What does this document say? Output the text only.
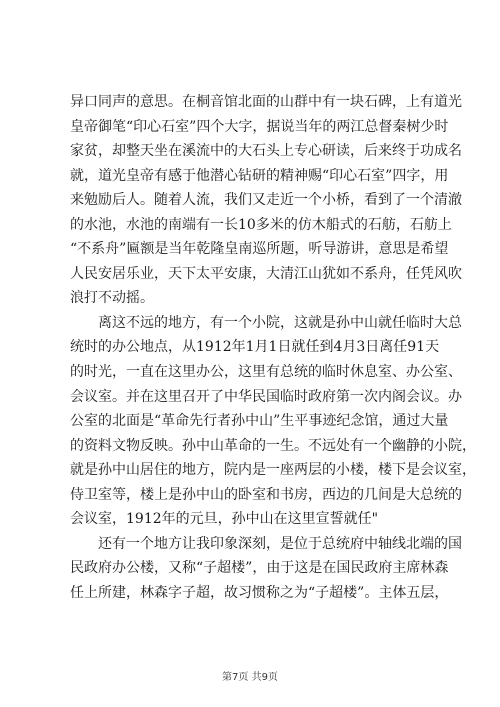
异口同声的意思。在桐音馆北面的山群中有一块石碑，上有道光
皇帝御笔“印心石室”四个大字，据说当年的两江总督秦树少时
家贫，却整天坐在溪流中的大石头上专心研读，后来终于功成名
就，道光皇帝有感于他潜心钻研的精神赐“印心石室”四字，用
来勉励后人。随着人流，我们又走近一个小桥，看到了一个清澈
的水池，水池的南端有一长10多米的仿木船式的石舫，石舫上
“不系舟”匾额是当年乾隆皇南巡所题，听导游讲，意思是希望
人民安居乐业，天下太平安康，大清江山犹如不系舟，任凭风吹
浪打不动摇。
　　离这不远的地方，有一个小院，这就是孙中山就任临时大总
统时的办公地点，从1912年1月1日就任到4月3日离任91天
的时光，一直在这里办公，这里有总统的临时休息室、办公室、
会议室。并在这里召开了中华民国临时政府第一次内阁会议。办
公室的北面是“革命先行者孙中山”生平事迹纪念馆，通过大量
的资料文物反映。孙中山革命的一生。不远处有一个幽静的小院，
就是孙中山居住的地方，院内是一座两层的小楼，楼下是会议室，
侍卫室等，楼上是孙中山的卧室和书房，西边的几间是大总统的
会议室，1912年的元旦，孙中山在这里宣誓就任"
　　还有一个地方让我印象深刻，是位于总统府中轴线北端的国
民政府办公楼，又称“子超楼”，由于这是在国民政府主席林森
任上所建，林森字子超，故习惯称之为“子超楼”。主体五层，
第7页 共9页
